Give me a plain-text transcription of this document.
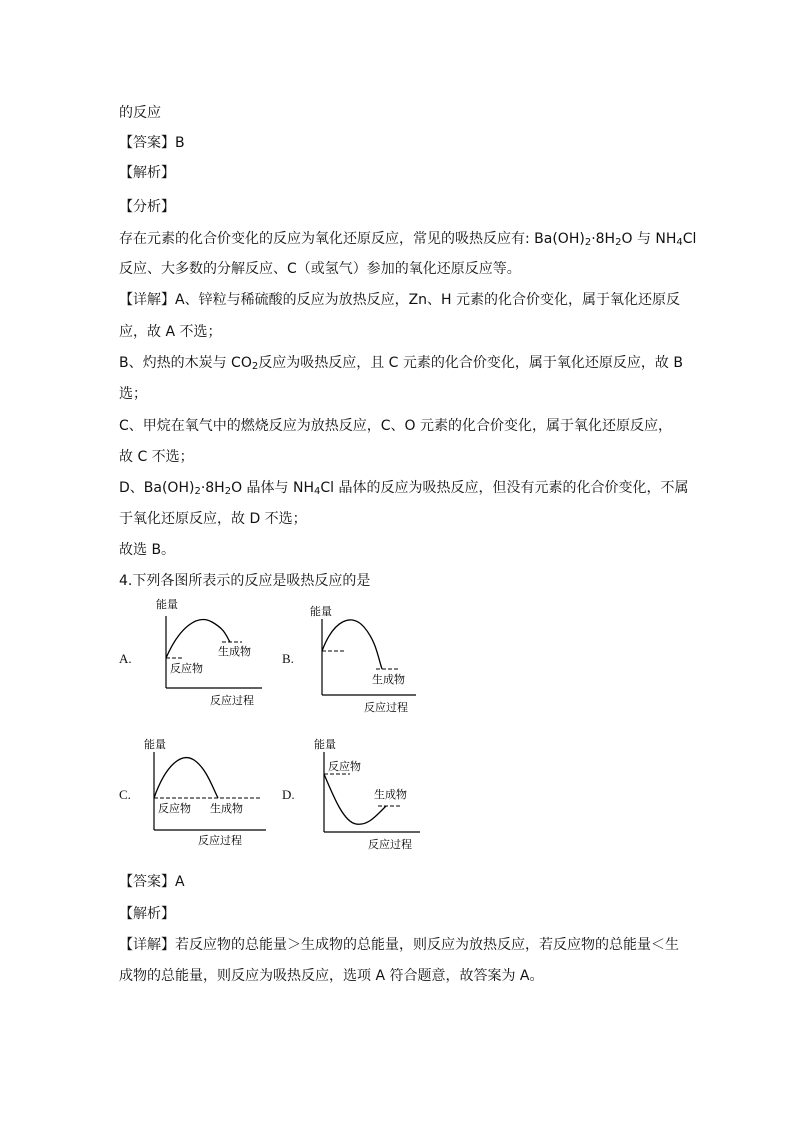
的反应
【答案】B
【解析】
【分析】
存在元素的化合价变化的反应为氧化还原反应，常见的吸热反应有: $Ba(OH)_2\cdot 8H_2O$ 与 $NH_4Cl$
反应、大多数的分解反应、C（或氢气）参加的氧化还原反应等。
【详解】A、锌粒与稀硫酸的反应为放热反应，Zn、H 元素的化合价变化，属于氧化还原反
应，故 A 不选；
B、灼热的木炭与 $CO_2$反应为吸热反应，且 C 元素的化合价变化，属于氧化还原反应，故 B
选；
C、甲烷在氧气中的燃烧反应为放热反应，C、O 元素的化合价变化，属于氧化还原反应，
故 C 不选；
D、$Ba(OH)_2\cdot 8H_2O$ 晶体与 $NH_4Cl$ 晶体的反应为吸热反应，但没有元素的化合价变化，不属
于氧化还原反应，故 D 不选；
故选 B。
4.下列各图所表示的反应是吸热反应的是
A.	B.
C.	D.
能量
反应物
生成物
反应过程
能量
生成物
反应过程
能量
反应物 生成物
反应过程
能量
反应物
生成物
反应过程
【答案】A
【解析】
【详解】若反应物的总能量＞生成物的总能量，则反应为放热反应，若反应物的总能量＜生
成物的总能量，则反应为吸热反应，选项 A 符合题意，故答案为 A。
